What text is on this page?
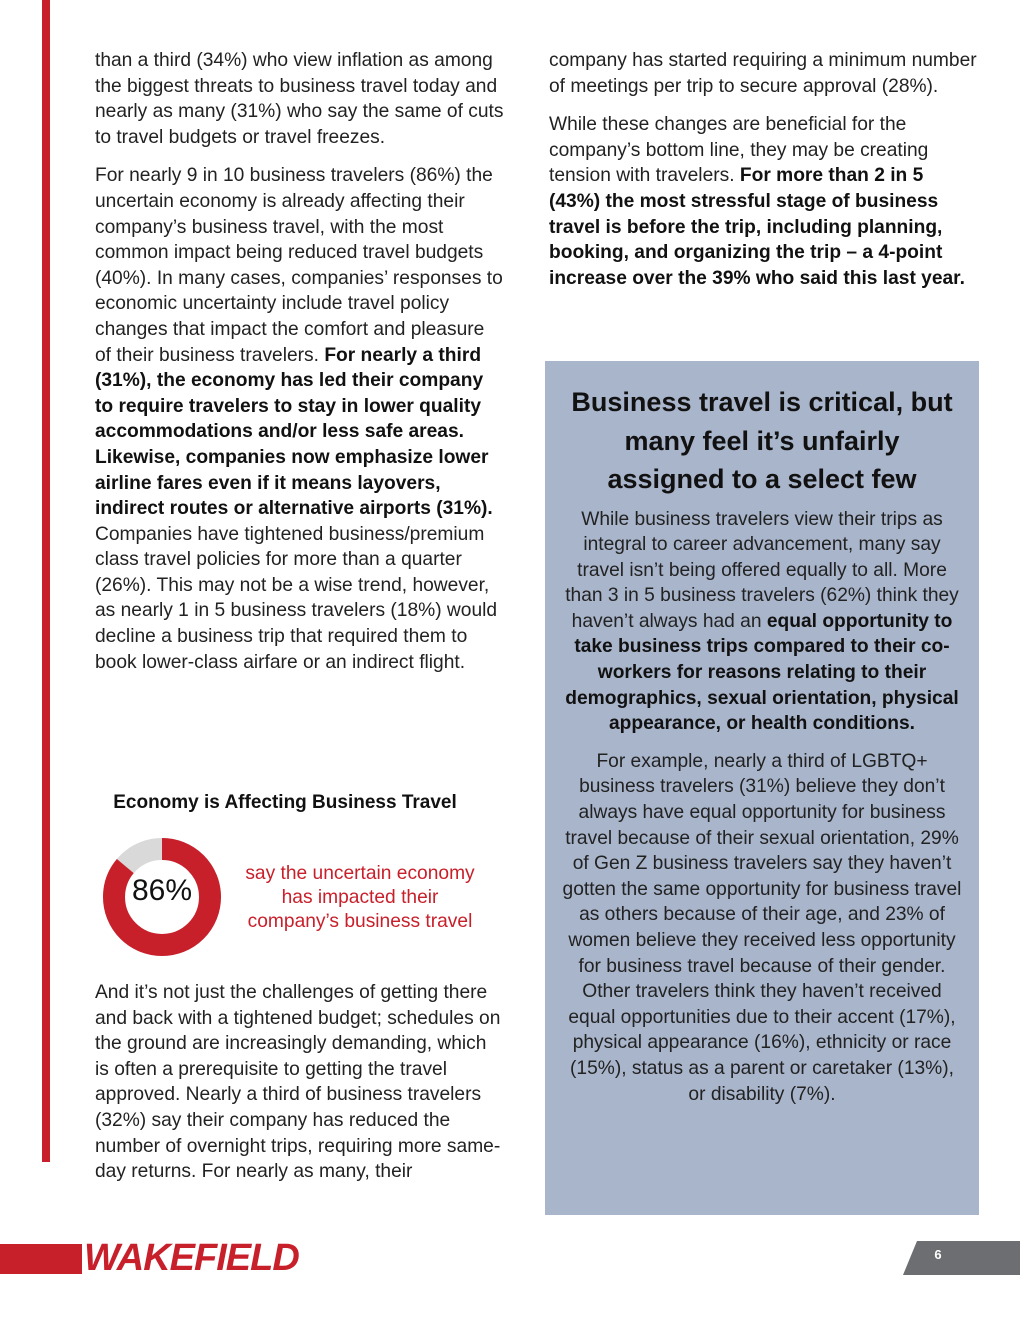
than a third (34%) who view inflation as among the biggest threats to business travel today and nearly as many (31%) who say the same of cuts to travel budgets or travel freezes.

For nearly 9 in 10 business travelers (86%) the uncertain economy is already affecting their company’s business travel, with the most common impact being reduced travel budgets (40%). In many cases, companies’ responses to economic uncertainty include travel policy changes that impact the comfort and pleasure of their business travelers. For nearly a third (31%), the economy has led their company to require travelers to stay in lower quality accommodations and/or less safe areas. Likewise, companies now emphasize lower airline fares even if it means layovers, indirect routes or alternative airports (31%). Companies have tightened business/premium class travel policies for more than a quarter (26%). This may not be a wise trend, however, as nearly 1 in 5 business travelers (18%) would decline a business trip that required them to book lower-class airfare or an indirect flight.

Economy is Affecting Business Travel
86%
say the uncertain economy has impacted their company’s business travel
And it’s not just the challenges of getting there and back with a tightened budget; schedules on the ground are increasingly demanding, which is often a prerequisite to getting the travel approved. Nearly a third of business travelers (32%) say their company has reduced the number of overnight trips, requiring more same-day returns. For nearly as many, their

company has started requiring a minimum number of meetings per trip to secure approval (28%).

While these changes are beneficial for the company’s bottom line, they may be creating tension with travelers. For more than 2 in 5 (43%) the most stressful stage of business travel is before the trip, including planning, booking, and organizing the trip – a 4-point increase over the 39% who said this last year.

Business travel is critical, but many feel it’s unfairly assigned to a select few

While business travelers view their trips as integral to career advancement, many say travel isn’t being offered equally to all. More than 3 in 5 business travelers (62%) think they haven’t always had an equal opportunity to take business trips compared to their co-workers for reasons relating to their demographics, sexual orientation, physical appearance, or health conditions.

For example, nearly a third of LGBTQ+ business travelers (31%) believe they don’t always have equal opportunity for business travel because of their sexual orientation, 29% of Gen Z business travelers say they haven’t gotten the same opportunity for business travel as others because of their age, and 23% of women believe they received less opportunity for business travel because of their gender. Other travelers think they haven’t received equal opportunities due to their accent (17%), physical appearance (16%), ethnicity or race (15%), status as a parent or caretaker (13%), or disability (7%).

WAKEFIELD	6
